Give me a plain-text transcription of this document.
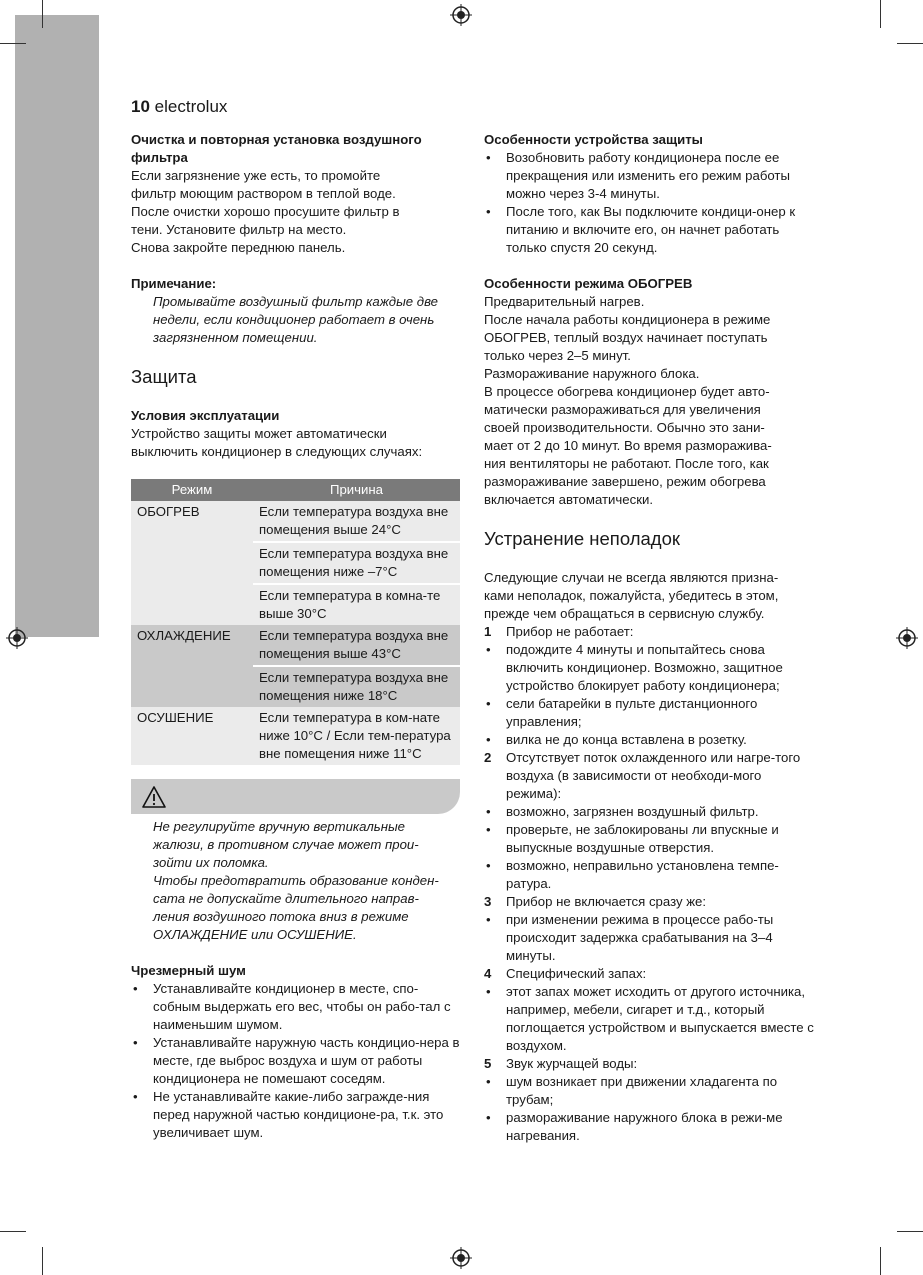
10 electrolux
Очистка и повторная установка воздушного фильтра
Если загрязнение уже есть, то промойте
фильтр моющим раствором в теплой воде.
После очистки хорошо просушите фильтр в
тени. Установите фильтр на место.
Снова закройте переднюю панель.
Примечание:
Промывайте воздушный фильтр каждые две
недели, если кондиционер работает в очень
загрязненном помещении.
Защита
Условия эксплуатации
Устройство защиты может автоматически
выключить кондиционер в следующих случаях:
Режим	Причина
ОБОГРЕВ	Если температура воздуха вне помещения выше 24°C
	Если температура воздуха вне помещения ниже –7°C
	Если температура в комна-те выше 30°C
ОХЛАЖДЕНИЕ	Если температура воздуха вне помещения выше 43°C
	Если температура воздуха вне помещения ниже 18°C
ОСУШЕНИЕ	Если температура в ком-нате ниже 10°C / Если тем-пература вне помещения ниже 11°C
Не регулируйте вручную вертикальные
жалюзи, в противном случае может прои-
зойти их поломка.
Чтобы предотвратить образование конден-
сата не допускайте длительного направ-
ления воздушного потока вниз в режиме
ОХЛАЖДЕНИЕ или ОСУШЕНИЕ.
Чрезмерный шум
• Устанавливайте кондиционер в месте, спо-собным выдержать его вес, чтобы он рабо-тал с наименьшим шумом.
• Устанавливайте наружную часть кондицио-нера в месте, где выброс воздуха и шум от работы кондиционера не помешают соседям.
• Не устанавливайте какие-либо загражде-ния перед наружной частью кондиционе-ра, т.к. это увеличивает шум.
Особенности устройства защиты
• Возобновить работу кондиционера после ее прекращения или изменить его режим работы можно через 3-4 минуты.
• После того, как Вы подключите кондици-онер к питанию и включите его, он начнет работать только спустя 20 секунд.
Особенности режима ОБОГРЕВ
Предварительный нагрев.
После начала работы кондиционера в режиме
ОБОГРЕВ, теплый воздух начинает поступать
только через 2–5 минут.
Размораживание наружного блока.
В процессе обогрева кондиционер будет авто-
матически размораживаться для увеличения
своей производительности. Обычно это зани-
мает от 2 до 10 минут. Во время разморажива-
ния вентиляторы не работают. После того, как
размораживание завершено, режим обогрева
включается автоматически.
Устранение неполадок
Следующие случаи не всегда являются призна-
ками неполадок, пожалуйста, убедитесь в этом,
прежде чем обращаться в сервисную службу.
1 Прибор не работает:
• подождите 4 минуты и попытайтесь снова включить кондиционер. Возможно, защитное устройство блокирует работу кондиционера;
• сели батарейки в пульте дистанционного управления;
• вилка не до конца вставлена в розетку.
2 Отсутствует поток охлажденного или нагре-того воздуха (в зависимости от необходи-мого режима):
• возможно, загрязнен воздушный фильтр.
• проверьте, не заблокированы ли впускные и выпускные воздушные отверстия.
• возможно, неправильно установлена темпе-ратура.
3 Прибор не включается сразу же:
• при изменении режима в процессе рабо-ты происходит задержка срабатывания на 3–4 минуты.
4 Специфический запах:
• этот запах может исходить от другого источника, например, мебели, сигарет и т.д., который поглощается устройством и выпускается вместе с воздухом.
5 Звук журчащей воды:
• шум возникает при движении хладагента по трубам;
• размораживание наружного блока в режи-ме нагревания.
